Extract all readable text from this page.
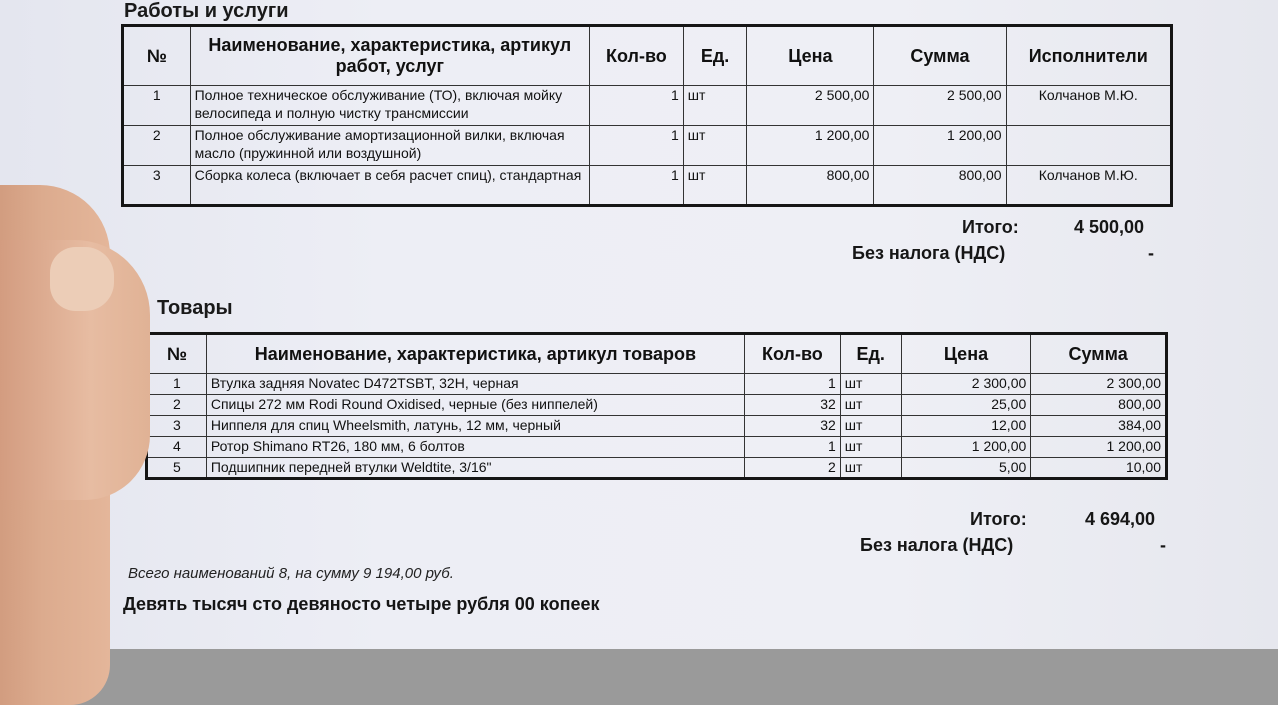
Работы и услуги
№	Наименование, характеристика, артикул работ, услуг	Кол-во	Ед.	Цена	Сумма	Исполнители
1	Полное техническое обслуживание (ТО), включая мойку велосипеда и полную чистку трансмиссии	1	шт	2 500,00	2 500,00	Колчанов М.Ю.
2	Полное обслуживание амортизационной вилки, включая масло (пружинной или воздушной)	1	шт	1 200,00	1 200,00	
3	Сборка колеса (включает в себя расчет спиц), стандартная	1	шт	800,00	800,00	Колчанов М.Ю.
Итого:	4 500,00
Без налога (НДС)	-
Товары
№	Наименование, характеристика, артикул товаров	Кол-во	Ед.	Цена	Сумма
1	Втулка задняя Novatec D472TSBT, 32H, черная	1	шт	2 300,00	2 300,00
2	Спицы 272 мм Rodi Round Oxidised, черные (без ниппелей)	32	шт	25,00	800,00
3	Ниппеля для спиц Wheelsmith, латунь, 12 мм, черный	32	шт	12,00	384,00
4	Ротор Shimano RT26, 180 мм, 6 болтов	1	шт	1 200,00	1 200,00
5	Подшипник передней втулки Weldtite, 3/16"	2	шт	5,00	10,00
Итого:	4 694,00
Без налога (НДС)	-
Всего наименований 8, на сумму 9 194,00 руб.
Девять тысяч сто девяносто четыре рубля 00 копеек
